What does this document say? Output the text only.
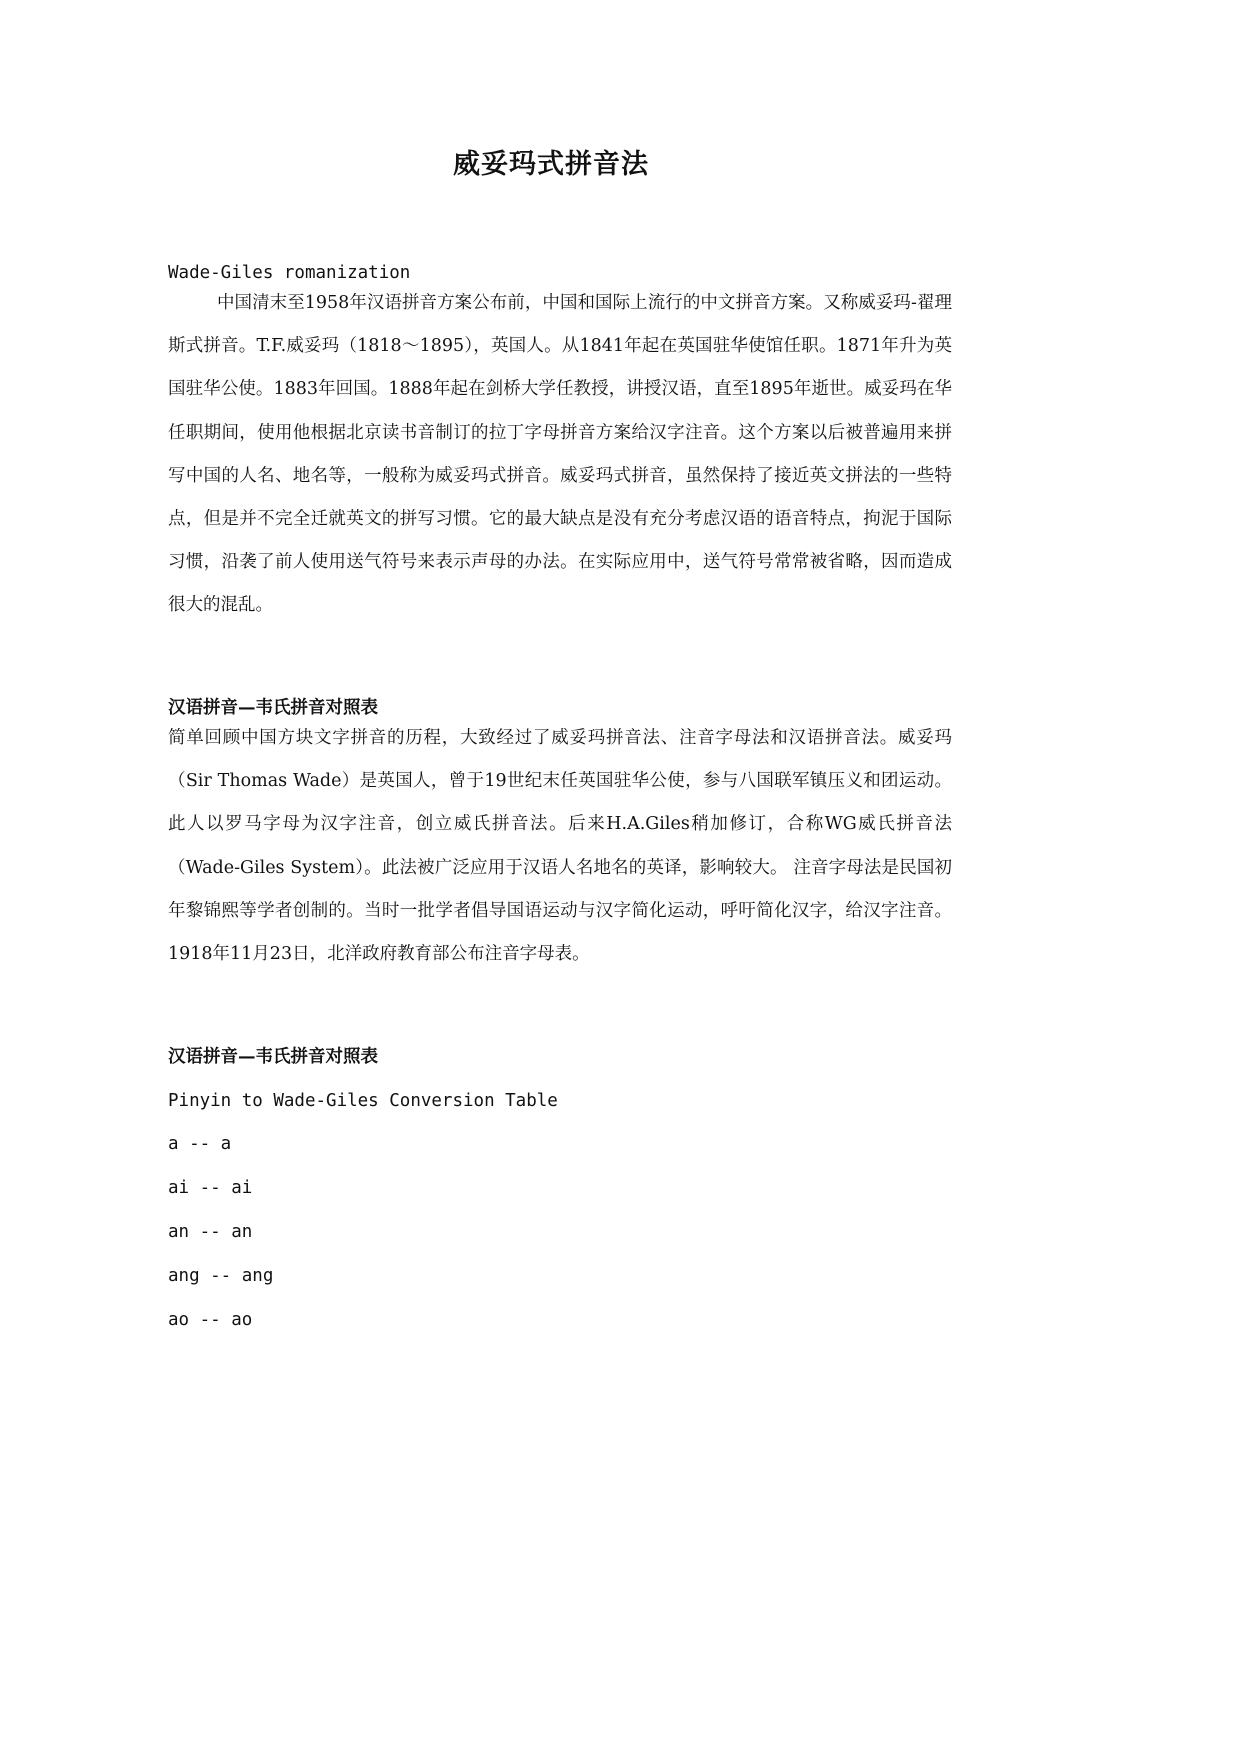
威妥玛式拼音法
Wade-Giles romanization

中国清末至1958年汉语拼音方案公布前，中国和国际上流行的中文拼音方案。又称威妥玛-翟理斯式拼音。T.F.威妥玛（1818～1895），英国人。从1841年起在英国驻华使馆任职。1871年升为英国驻华公使。1883年回国。1888年起在剑桥大学任教授，讲授汉语，直至1895年逝世。威妥玛在华任职期间，使用他根据北京读书音制订的拉丁字母拼音方案给汉字注音。这个方案以后被普遍用来拼写中国的人名、地名等，一般称为威妥玛式拼音。威妥玛式拼音，虽然保持了接近英文拼法的一些特点，但是并不完全迁就英文的拼写习惯。它的最大缺点是没有充分考虑汉语的语音特点，拘泥于国际习惯，沿袭了前人使用送气符号来表示声母的办法。在实际应用中，送气符号常常被省略，因而造成很大的混乱。

汉语拼音—韦氏拼音对照表

简单回顾中国方块文字拼音的历程，大致经过了威妥玛拼音法、注音字母法和汉语拼音法。威妥玛（Sir Thomas Wade）是英国人，曾于19世纪末任英国驻华公使，参与八国联军镇压义和团运动。此人以罗马字母为汉字注音，创立威氏拼音法。后来H.A.Giles稍加修订，合称WG威氏拼音法（Wade-Giles System）。此法被广泛应用于汉语人名地名的英译，影响较大。 注音字母法是民国初年黎锦熙等学者创制的。当时一批学者倡导国语运动与汉字简化运动，呼吁简化汉字，给汉字注音。1918年11月23日，北洋政府教育部公布注音字母表。

汉语拼音—韦氏拼音对照表
Pinyin to Wade-Giles Conversion Table
a -- a
ai -- ai
an -- an
ang -- ang
ao -- ao
